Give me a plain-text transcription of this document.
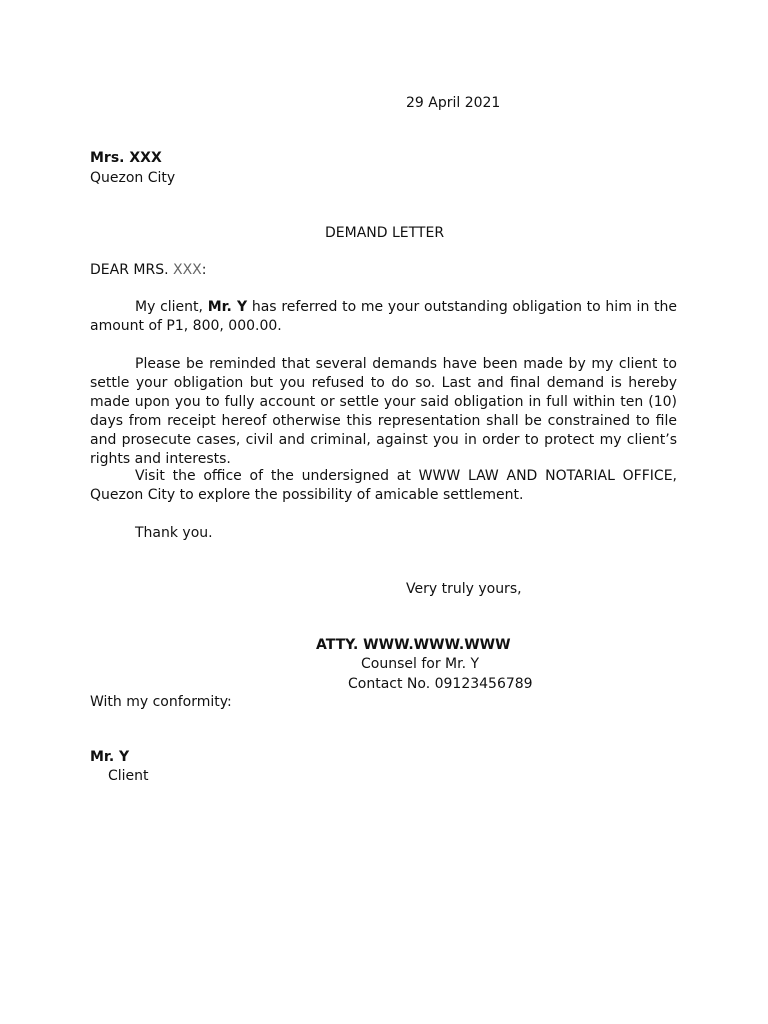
29 April 2021
Mrs. XXX
Quezon City
DEMAND LETTER
DEAR MRS. XXX:
My client, Mr. Y has referred to me your outstanding obligation to him in the amount of P1, 800, 000.00.
Please be reminded that several demands have been made by my client to settle your obligation but you refused to do so. Last and final demand is hereby made upon you to fully account or settle your said obligation in full within ten (10) days from receipt hereof otherwise this representation shall be constrained to file and prosecute cases, civil and criminal, against you in order to protect my client’s rights and interests.
Visit the office of the undersigned at WWW LAW AND NOTARIAL OFFICE, Quezon City to explore the possibility of amicable settlement.
Thank you.
Very truly yours,
ATTY. WWW.WWW.WWW
Counsel for Mr. Y
Contact No. 09123456789
With my conformity:
Mr. Y
Client
